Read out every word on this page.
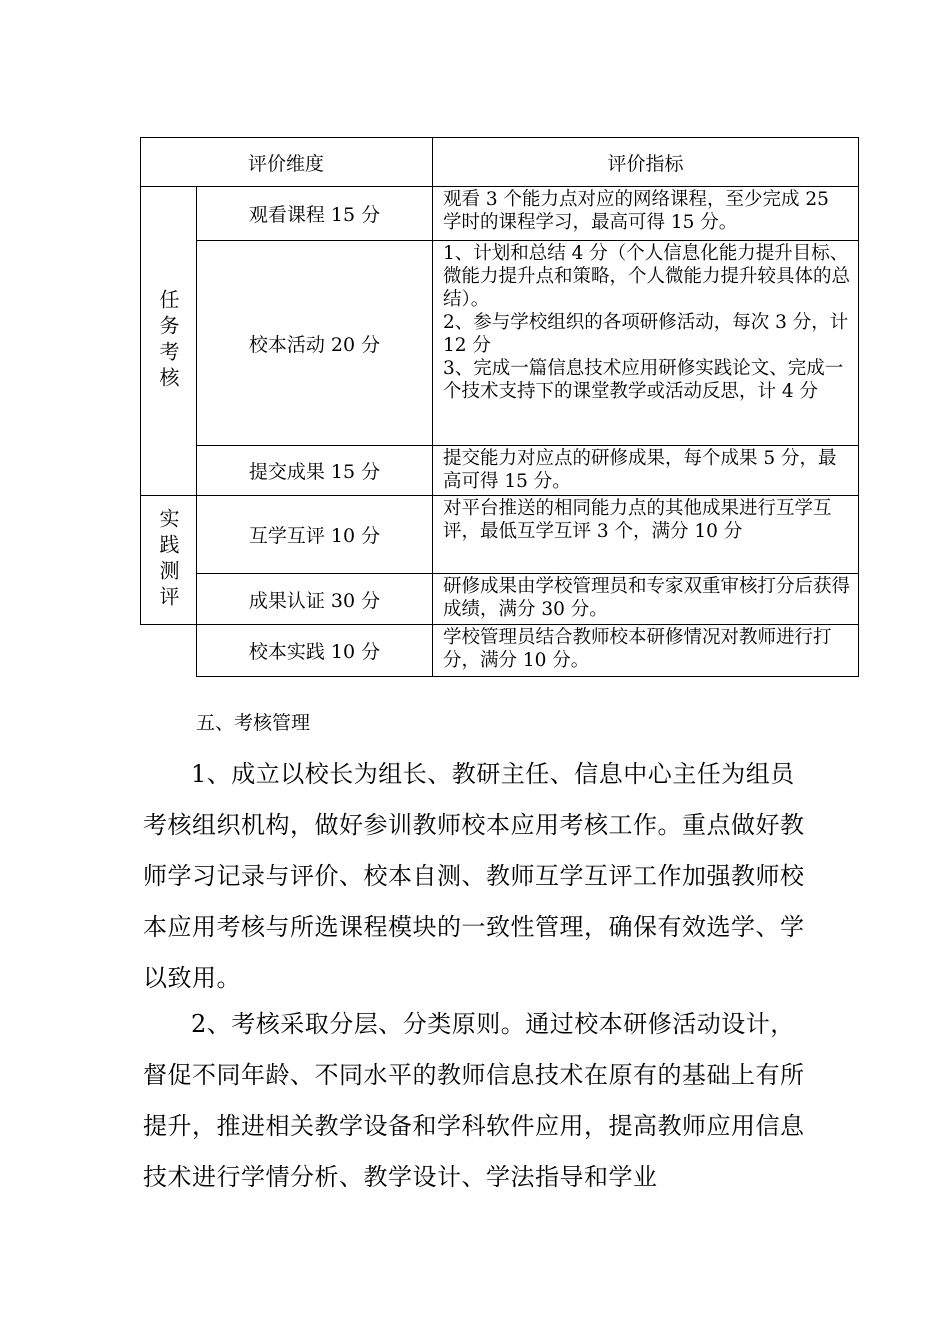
评价维度	评价指标
任务考核
实践测评
观看课程 15 分
校本活动 20 分
提交成果 15 分
互学互评 10 分
成果认证 30 分
校本实践 10 分

观看 3 个能力点对应的网络课程，至少完成 25 学时的课程学习，最高可得 15 分。

1、计划和总结 4 分（个人信息化能力提升目标、微能力提升点和策略，个人微能力提升较具体的总结）。

2、参与学校组织的各项研修活动，每次 3 分，计 12 分

3、完成一篇信息技术应用研修实践论文、完成一个技术支持下的课堂教学或活动反思，计 4 分

提交能力对应点的研修成果，每个成果 5 分，最高可得 15 分。

对平台推送的相同能力点的其他成果进行互学互评，最低互学互评 3 个，满分 10 分

研修成果由学校管理员和专家双重审核打分后获得成绩，满分 30 分。

学校管理员结合教师校本研修情况对教师进行打分，满分 10 分。

五、考核管理

1、成立以校长为组长、教研主任、信息中心主任为组员考核组织机构，做好参训教师校本应用考核工作。重点做好教师学习记录与评价、校本自测、教师互学互评工作加强教师校本应用考核与所选课程模块的一致性管理，确保有效选学、学以致用。

2、考核采取分层、分类原则。通过校本研修活动设计，督促不同年龄、不同水平的教师信息技术在原有的基础上有所提升，推进相关教学设备和学科软件应用，提高教师应用信息技术进行学情分析、教学设计、学法指导和学业
